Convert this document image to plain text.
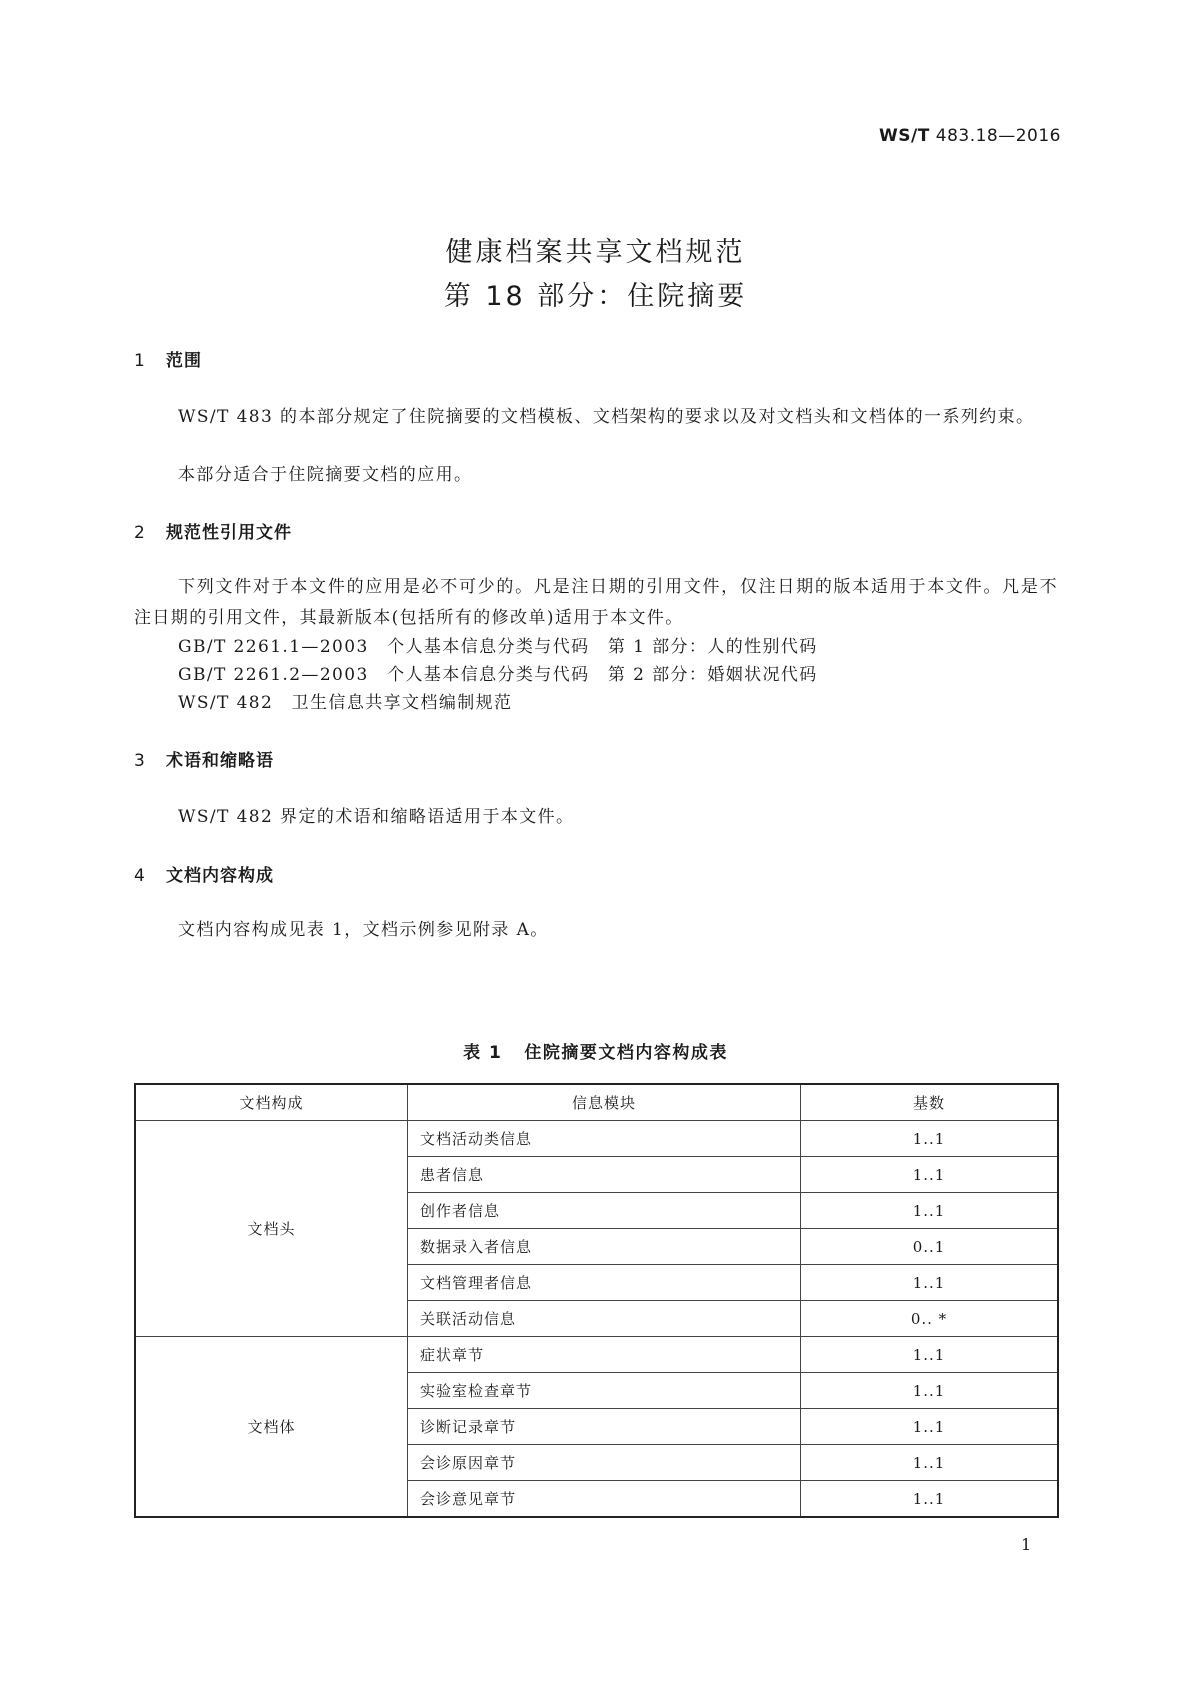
WS/T 483.18—2016
健康档案共享文档规范
第 18 部分：住院摘要
1 范围
WS/T 483 的本部分规定了住院摘要的文档模板、文档架构的要求以及对文档头和文档体的一系列约束。
本部分适合于住院摘要文档的应用。
2 规范性引用文件
下列文件对于本文件的应用是必不可少的。凡是注日期的引用文件，仅注日期的版本适用于本文件。凡是不注日期的引用文件，其最新版本(包括所有的修改单)适用于本文件。
GB/T 2261.1—2003　个人基本信息分类与代码　第 1 部分：人的性别代码
GB/T 2261.2—2003　个人基本信息分类与代码　第 2 部分：婚姻状况代码
WS/T 482　卫生信息共享文档编制规范
3 术语和缩略语
WS/T 482 界定的术语和缩略语适用于本文件。
4 文档内容构成
文档内容构成见表 1，文档示例参见附录 A。
表 1 住院摘要文档内容构成表
文档构成	信息模块	基数
文档头	文档活动类信息	1..1
	患者信息	1..1
	创作者信息	1..1
	数据录入者信息	0..1
	文档管理者信息	1..1
	关联活动信息	0.. *
文档体	症状章节	1..1
	实验室检查章节	1..1
	诊断记录章节	1..1
	会诊原因章节	1..1
	会诊意见章节	1..1
1
